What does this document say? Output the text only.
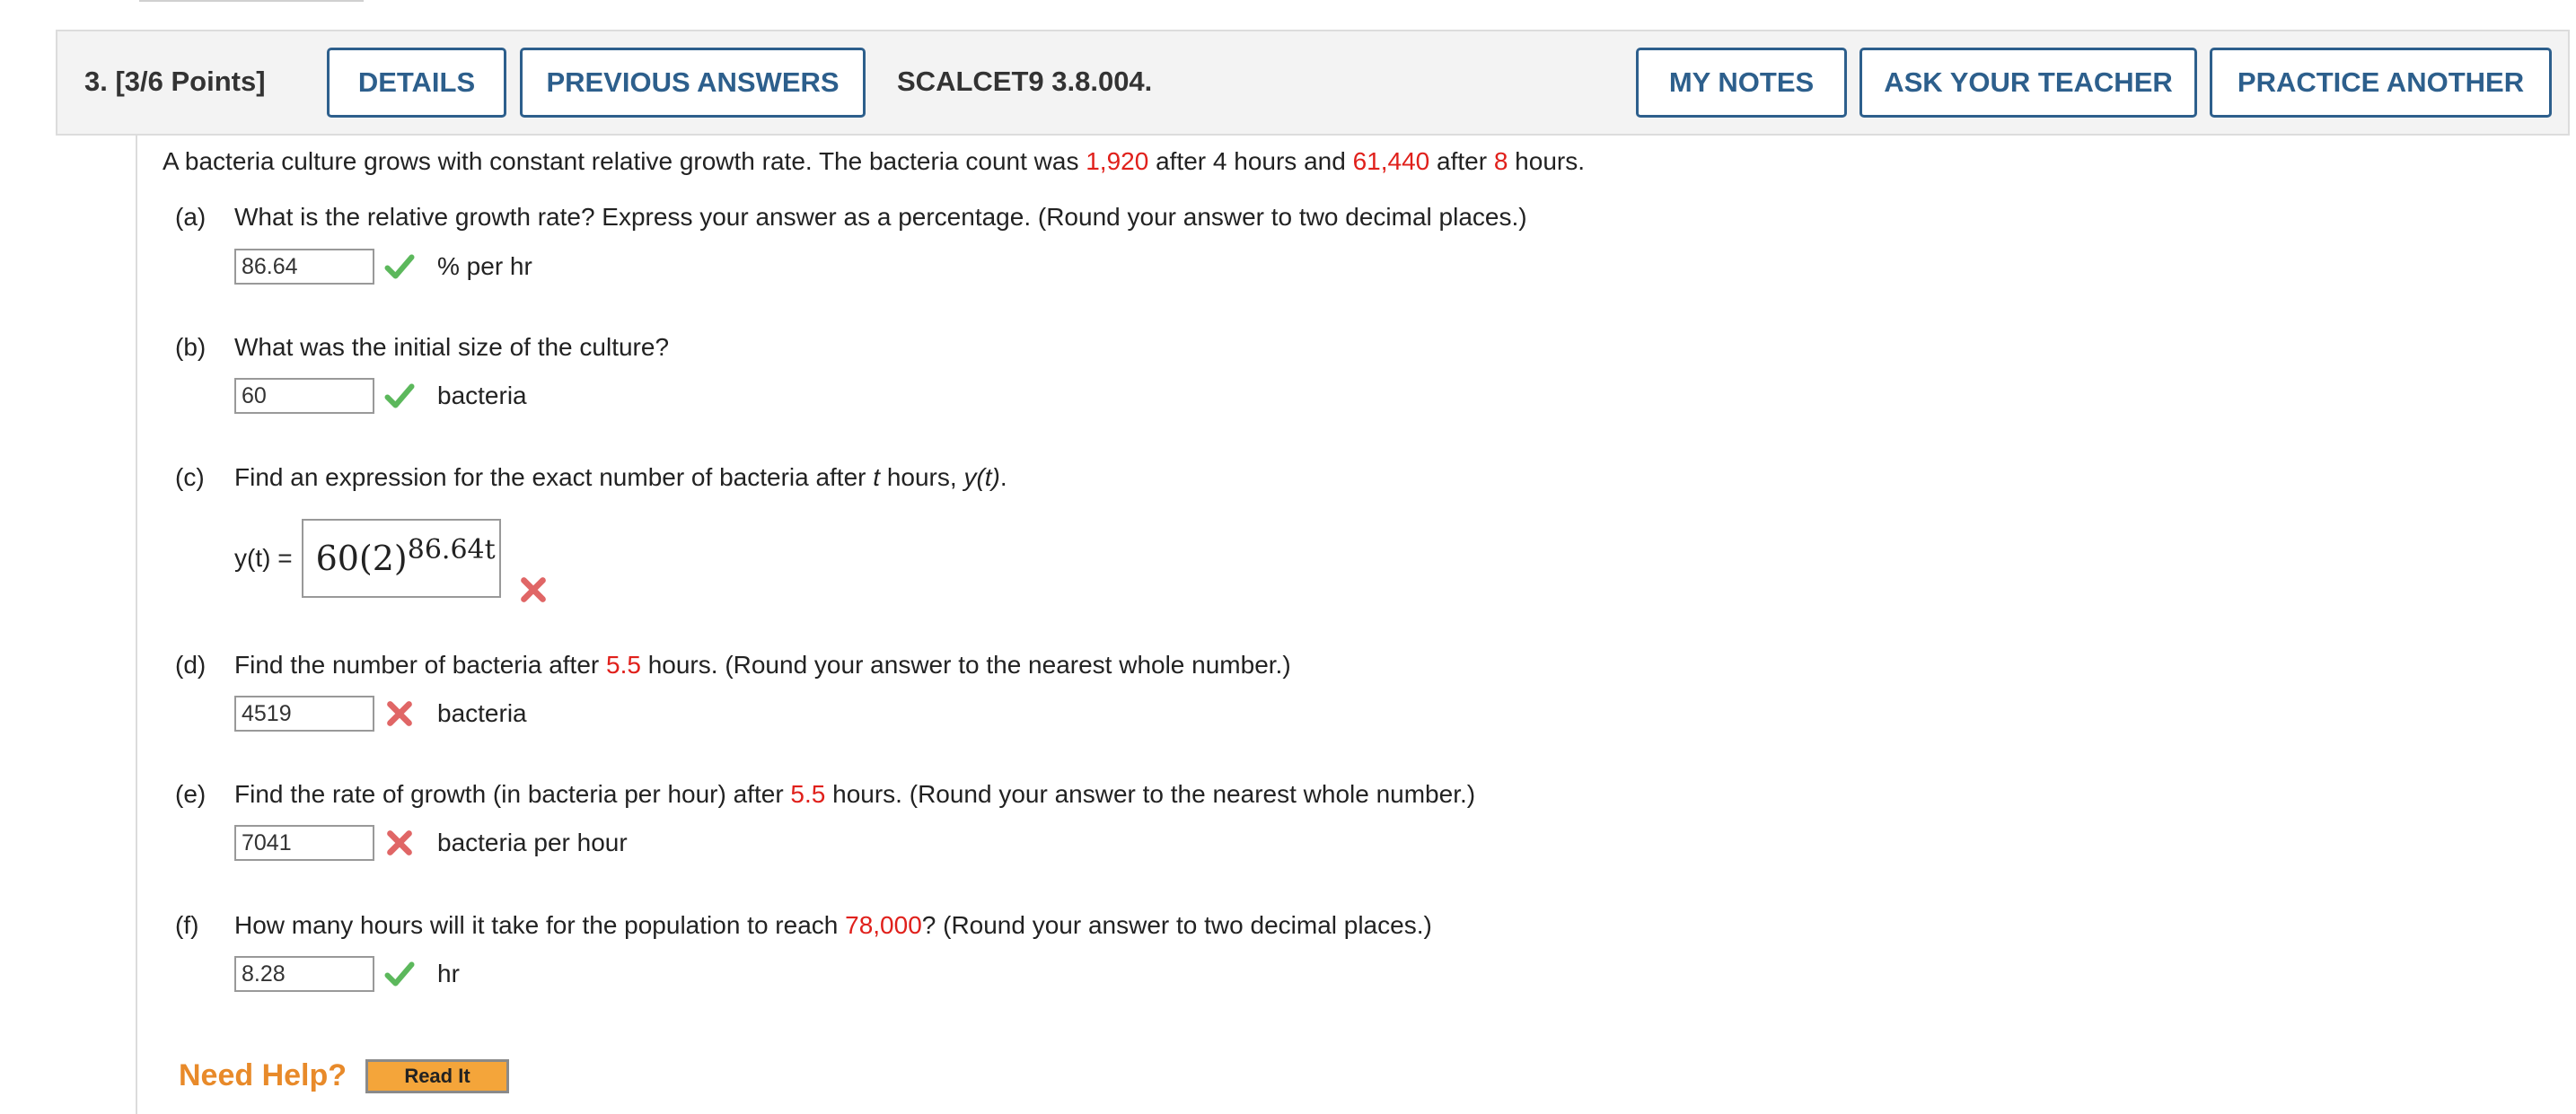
3. [3/6 Points]	DETAILS	PREVIOUS ANSWERS	SCALCET9 3.8.004.	MY NOTES	ASK YOUR TEACHER	PRACTICE ANOTHER
A bacteria culture grows with constant relative growth rate. The bacteria count was 1,920 after 4 hours and 61,440 after 8 hours.
(a) What is the relative growth rate? Express your answer as a percentage. (Round your answer to two decimal places.)
86.64	% per hr
(b) What was the initial size of the culture?
60	bacteria
(c) Find an expression for the exact number of bacteria after t hours, y(t).
$y(t) = 60(2)^{86.64t}$
(d) Find the number of bacteria after 5.5 hours. (Round your answer to the nearest whole number.)
4519	bacteria
(e) Find the rate of growth (in bacteria per hour) after 5.5 hours. (Round your answer to the nearest whole number.)
7041	bacteria per hour
(f) How many hours will it take for the population to reach 78,000? (Round your answer to two decimal places.)
8.28	hr
Need Help?	Read It
